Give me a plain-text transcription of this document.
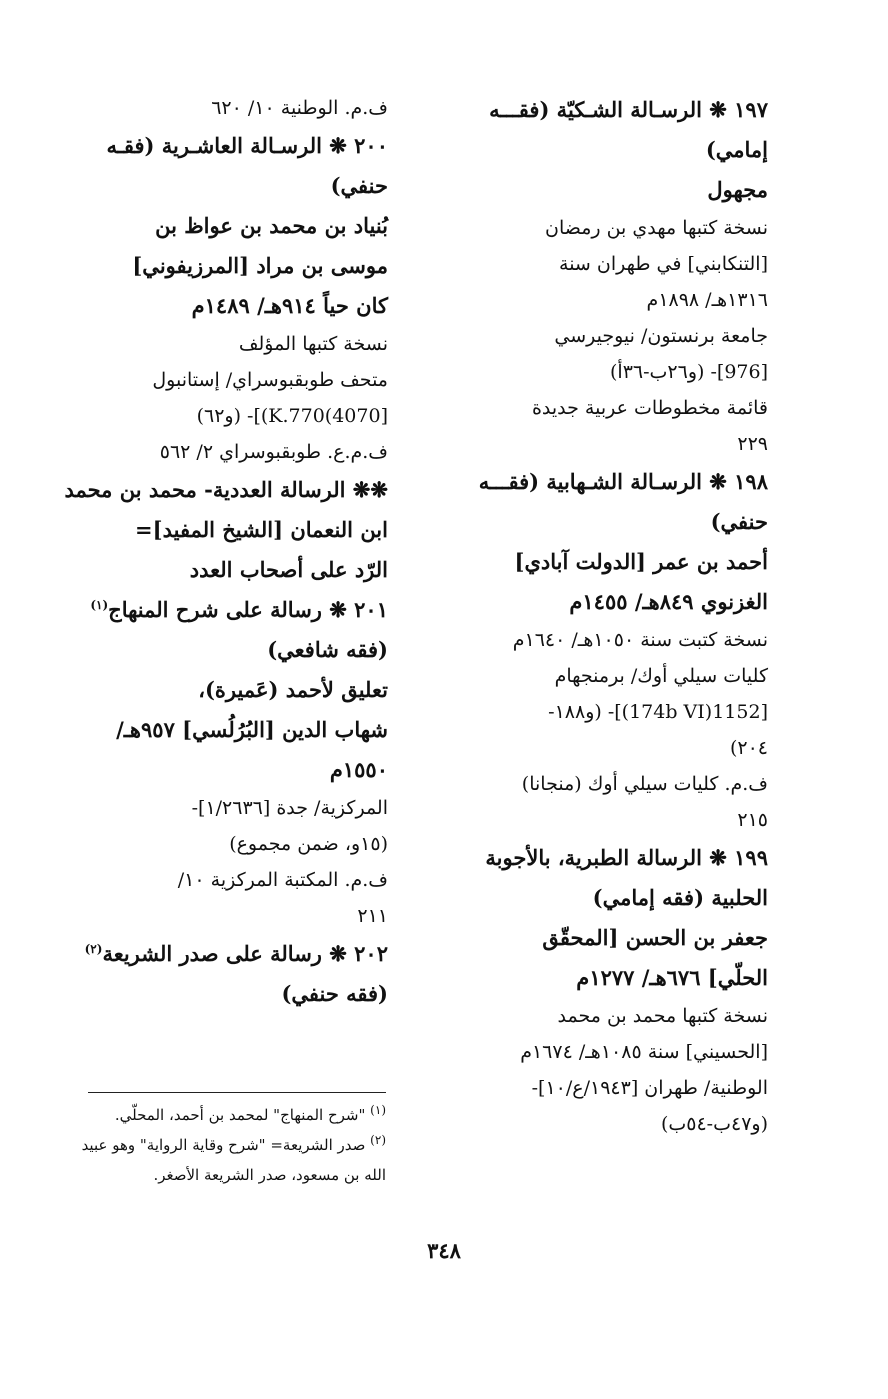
١٩٧ ❋ الرسـالة الشـكيّة (فقـــه

إمامي)

مجهول

نسخة كتبها مهدي بن رمضان

[التنكابني] في طهران سنة

١٣١٦هـ/ ١٨٩٨م

جامعة برنستون/ نيوجيرسي

[976]- (و٢٦ب-٣٦أ)

قائمة مخطوطات عربية جديدة

٢٢٩

١٩٨ ❋ الرسـالة الشـهابية (فقـــه

حنفي)

أحمد بن عمر [الدولت آبادي]

الغزنوي ٨٤٩هـ/ ١٤٥٥م

نسخة كتبت سنة ١٠٥٠هـ/ ١٦٤٠م

كليات سيلي أوك/ برمنجهام

[1152(174b VI)]- (و١٨٨-

٢٠٤)

ف.م. كليات سيلي أوك (منجانا)

٢١٥

١٩٩ ❋ الرسالة الطبرية، بالأجوبة

الحلبية (فقه إمامي)

جعفر بن الحسن [المحقّق

الحلّي] ٦٧٦هـ/ ١٢٧٧م

نسخة كتبها محمد بن محمد

[الحسيني] سنة ١٠٨٥هـ/ ١٦٧٤م

الوطنية/ طهران [١٩٤٣/ع/١٠]-

(و٤٧ب-٥٤ب)

ف.م. الوطنية ١٠/ ٦٢٠

٢٠٠ ❋ الرسـالة العاشـرية (فقـه

حنفي)

بُنياد بن محمد بن عواظ بن

موسى بن مراد [المرزيفوني]

كان حياً ٩١٤هـ/ ١٤٨٩م

نسخة كتبها المؤلف

متحف طوبقبوسراي/ إستانبول

[4070)K.770)]- (و٦٢)

ف.م.ع. طوبقبوسراي ٢/ ٥٦٢

❋❋ الرسالة العددية- محمد بن محمد

ابن النعمان [الشيخ المفيد]=

الرّد على أصحاب العدد

٢٠١ ❋ رسالة على شرح المنهاج$^{(١)}$

(فقه شافعي)

تعليق لأحمد (عَميرة)،

شهاب الدين [البُرُلُسي] ٩٥٧هـ/

١٥٥٠م

المركزية/ جدة [١/٢٦٣٦]-

(١٥و، ضمن مجموع)

ف.م. المكتبة المركزية ١٠/

٢١١

٢٠٢ ❋ رسالة على صدر الشريعة$^{(٢)}$

(فقه حنفي)

$^{(١)}$ "شرح المنهاج" لمحمد بن أحمد، المحلّي.

$^{(٢)}$ صدر الشريعة= "شرح وقاية الرواية" وهو عبيد

الله بن مسعود، صدر الشريعة الأصغر.

٣٤٨
